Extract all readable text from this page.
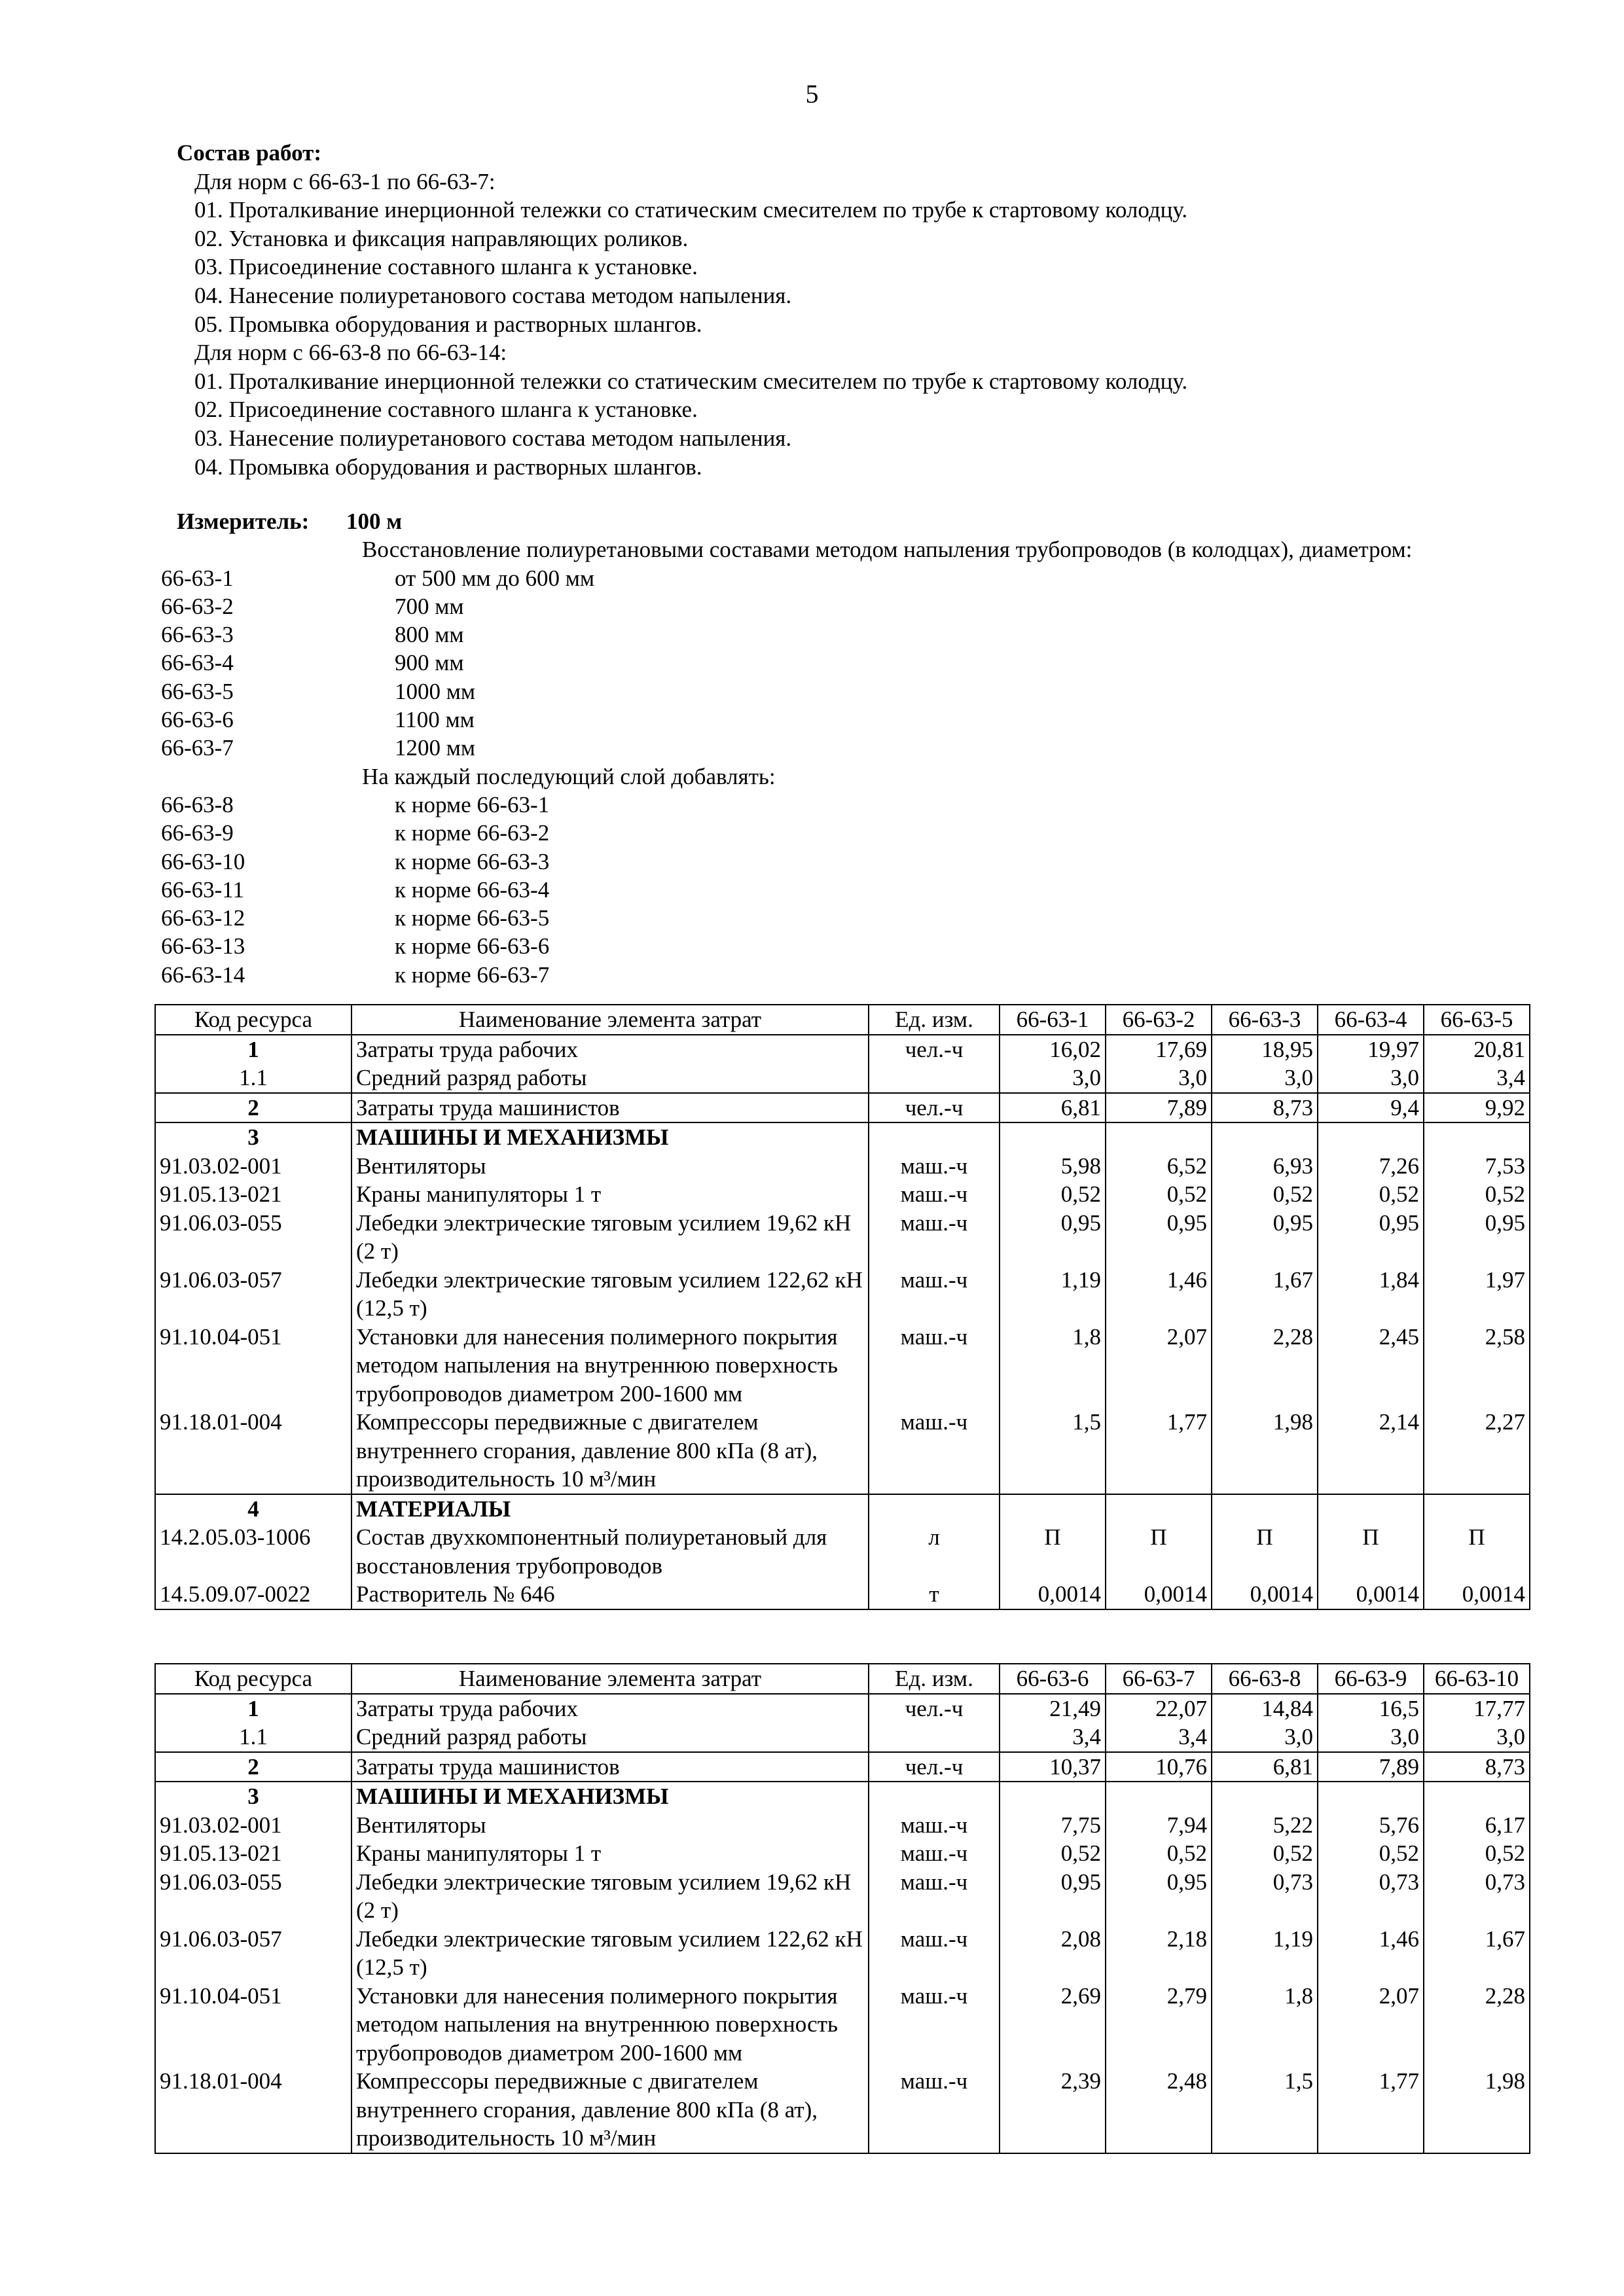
5
Состав работ:
Для норм с 66-63-1 по 66-63-7:
01. Проталкивание инерционной тележки со статическим смесителем по трубе к стартовому колодцу.
02. Установка и фиксация направляющих роликов.
03. Присоединение составного шланга к установке.
04. Нанесение полиуретанового состава методом напыления.
05. Промывка оборудования и растворных шлангов.
Для норм с 66-63-8 по 66-63-14:
01. Проталкивание инерционной тележки со статическим смесителем по трубе к стартовому колодцу.
02. Присоединение составного шланга к установке.
03. Нанесение полиуретанового состава методом напыления.
04. Промывка оборудования и растворных шлангов.
Измеритель:	100 м
Восстановление полиуретановыми составами методом напыления трубопроводов (в колодцах), диаметром:
66-63-1	от 500 мм до 600 мм
66-63-2	700 мм
66-63-3	800 мм
66-63-4	900 мм
66-63-5	1000 мм
66-63-6	1100 мм
66-63-7	1200 мм
На каждый последующий слой добавлять:
66-63-8	к норме 66-63-1
66-63-9	к норме 66-63-2
66-63-10	к норме 66-63-3
66-63-11	к норме 66-63-4
66-63-12	к норме 66-63-5
66-63-13	к норме 66-63-6
66-63-14	к норме 66-63-7
Код ресурса	Наименование элемента затрат	Ед. изм.	66-63-1	66-63-2	66-63-3	66-63-4	66-63-5
1	Затраты труда рабочих	чел.-ч	16,02	17,69	18,95	19,97	20,81
1.1	Средний разряд работы		3,0	3,0	3,0	3,0	3,4
2	Затраты труда машинистов	чел.-ч	6,81	7,89	8,73	9,4	9,92
3	МАШИНЫ И МЕХАНИЗМЫ						
91.03.02-001	Вентиляторы	маш.-ч	5,98	6,52	6,93	7,26	7,53
91.05.13-021	Краны манипуляторы 1 т	маш.-ч	0,52	0,52	0,52	0,52	0,52
91.06.03-055	Лебедки электрические тяговым усилием 19,62 кН (2 т)	маш.-ч	0,95	0,95	0,95	0,95	0,95
91.06.03-057	Лебедки электрические тяговым усилием 122,62 кН (12,5 т)	маш.-ч	1,19	1,46	1,67	1,84	1,97
91.10.04-051	Установки для нанесения полимерного покрытия методом напыления на внутреннюю поверхность трубопроводов диаметром 200-1600 мм	маш.-ч	1,8	2,07	2,28	2,45	2,58
91.18.01-004	Компрессоры передвижные с двигателем внутреннего сгорания, давление 800 кПа (8 ат), производительность 10 м³/мин	маш.-ч	1,5	1,77	1,98	2,14	2,27
4	МАТЕРИАЛЫ						
14.2.05.03-1006	Состав двухкомпонентный полиуретановый для восстановления трубопроводов	л	П	П	П	П	П
14.5.09.07-0022	Растворитель № 646	т	0,0014	0,0014	0,0014	0,0014	0,0014
Код ресурса	Наименование элемента затрат	Ед. изм.	66-63-6	66-63-7	66-63-8	66-63-9	66-63-10
1	Затраты труда рабочих	чел.-ч	21,49	22,07	14,84	16,5	17,77
1.1	Средний разряд работы		3,4	3,4	3,0	3,0	3,0
2	Затраты труда машинистов	чел.-ч	10,37	10,76	6,81	7,89	8,73
3	МАШИНЫ И МЕХАНИЗМЫ						
91.03.02-001	Вентиляторы	маш.-ч	7,75	7,94	5,22	5,76	6,17
91.05.13-021	Краны манипуляторы 1 т	маш.-ч	0,52	0,52	0,52	0,52	0,52
91.06.03-055	Лебедки электрические тяговым усилием 19,62 кН (2 т)	маш.-ч	0,95	0,95	0,73	0,73	0,73
91.06.03-057	Лебедки электрические тяговым усилием 122,62 кН (12,5 т)	маш.-ч	2,08	2,18	1,19	1,46	1,67
91.10.04-051	Установки для нанесения полимерного покрытия методом напыления на внутреннюю поверхность трубопроводов диаметром 200-1600 мм	маш.-ч	2,69	2,79	1,8	2,07	2,28
91.18.01-004	Компрессоры передвижные с двигателем внутреннего сгорания, давление 800 кПа (8 ат), производительность 10 м³/мин	маш.-ч	2,39	2,48	1,5	1,77	1,98
